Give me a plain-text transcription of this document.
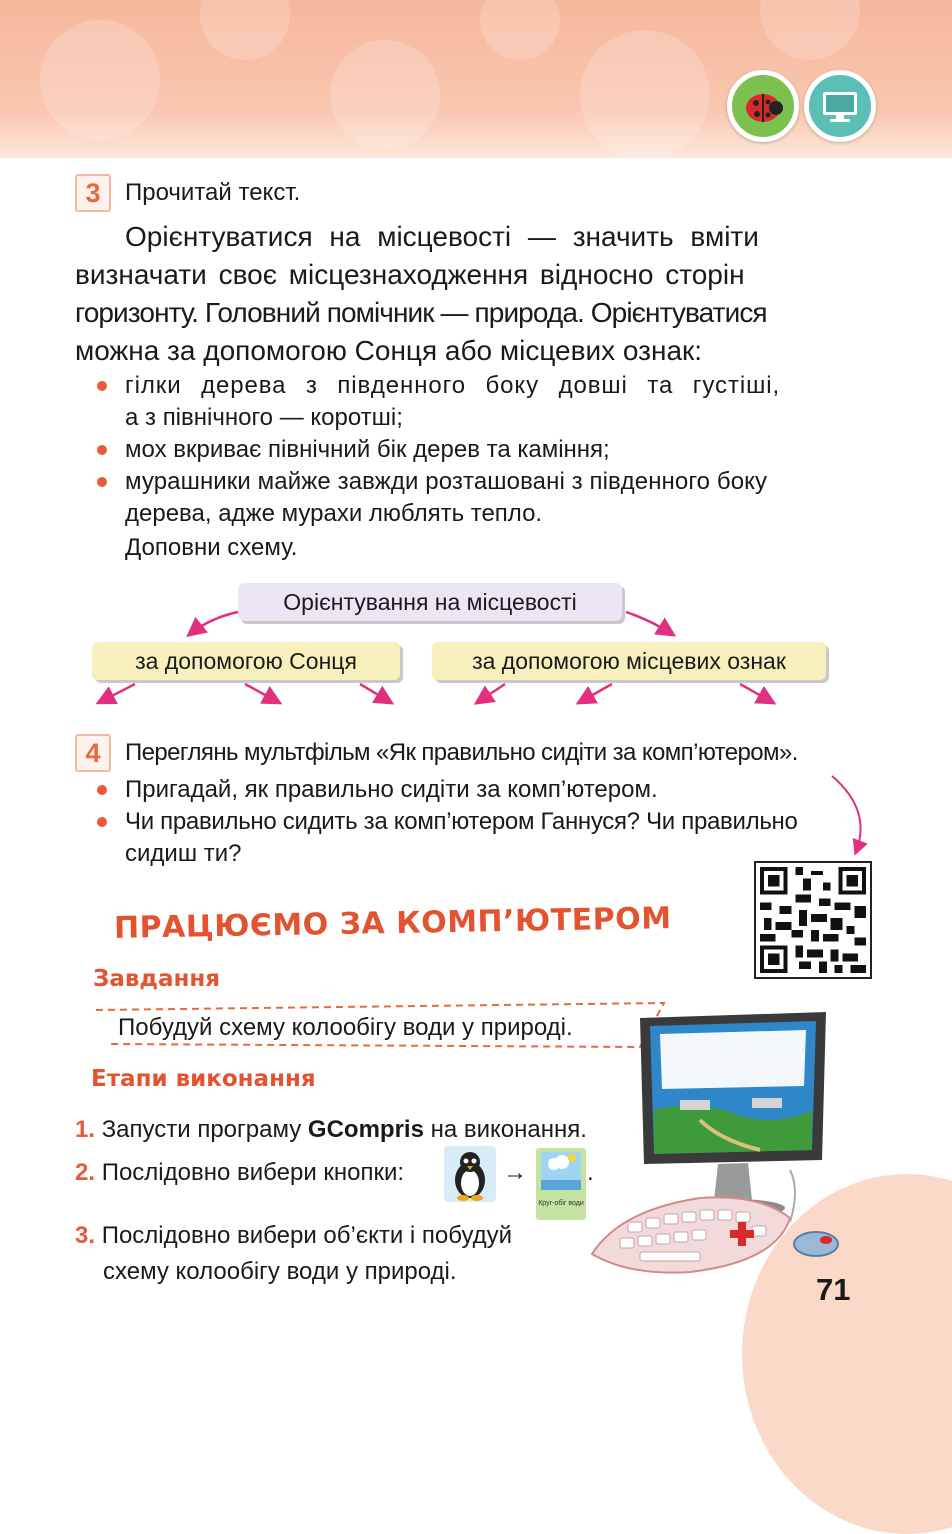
3	Прочитай текст.
Орієнтуватися на місцевості — значить вміти
визначати своє місцезнаходження відносно сторін
горизонту. Головний помічник — природа. Орієнтуватися
можна за допомогою Сонця або місцевих ознак:
гілки дерева з південного боку довші та густіші,
а з північного — коротші;
мох вкриває північний бік дерев та каміння;
мурашники майже завжди розташовані з південного боку
дерева, адже мурахи люблять тепло.
Доповни схему.
Орієнтування на місцевості
за допомогою Сонця	за допомогою місцевих ознак
4	Переглянь мультфільм «Як правильно сидіти за комп’ютером».
Пригадай, як правильно сидіти за комп’ютером.
Чи правильно сидить за комп’ютером Ганнуся? Чи правильно
сидиш ти?
ПРАЦЮЄМО ЗА КОМП’ЮТЕРОМ
Завдання
Побудуй схему колообігу води у природі.
Етапи виконання
1. Запусти програму GCompris на виконання.
2. Послідовно вибери кнопки:	→
Круг-обіг води
.
3. Послідовно вибери об’єкти і побудуй
схему колообігу води у природі.
71
